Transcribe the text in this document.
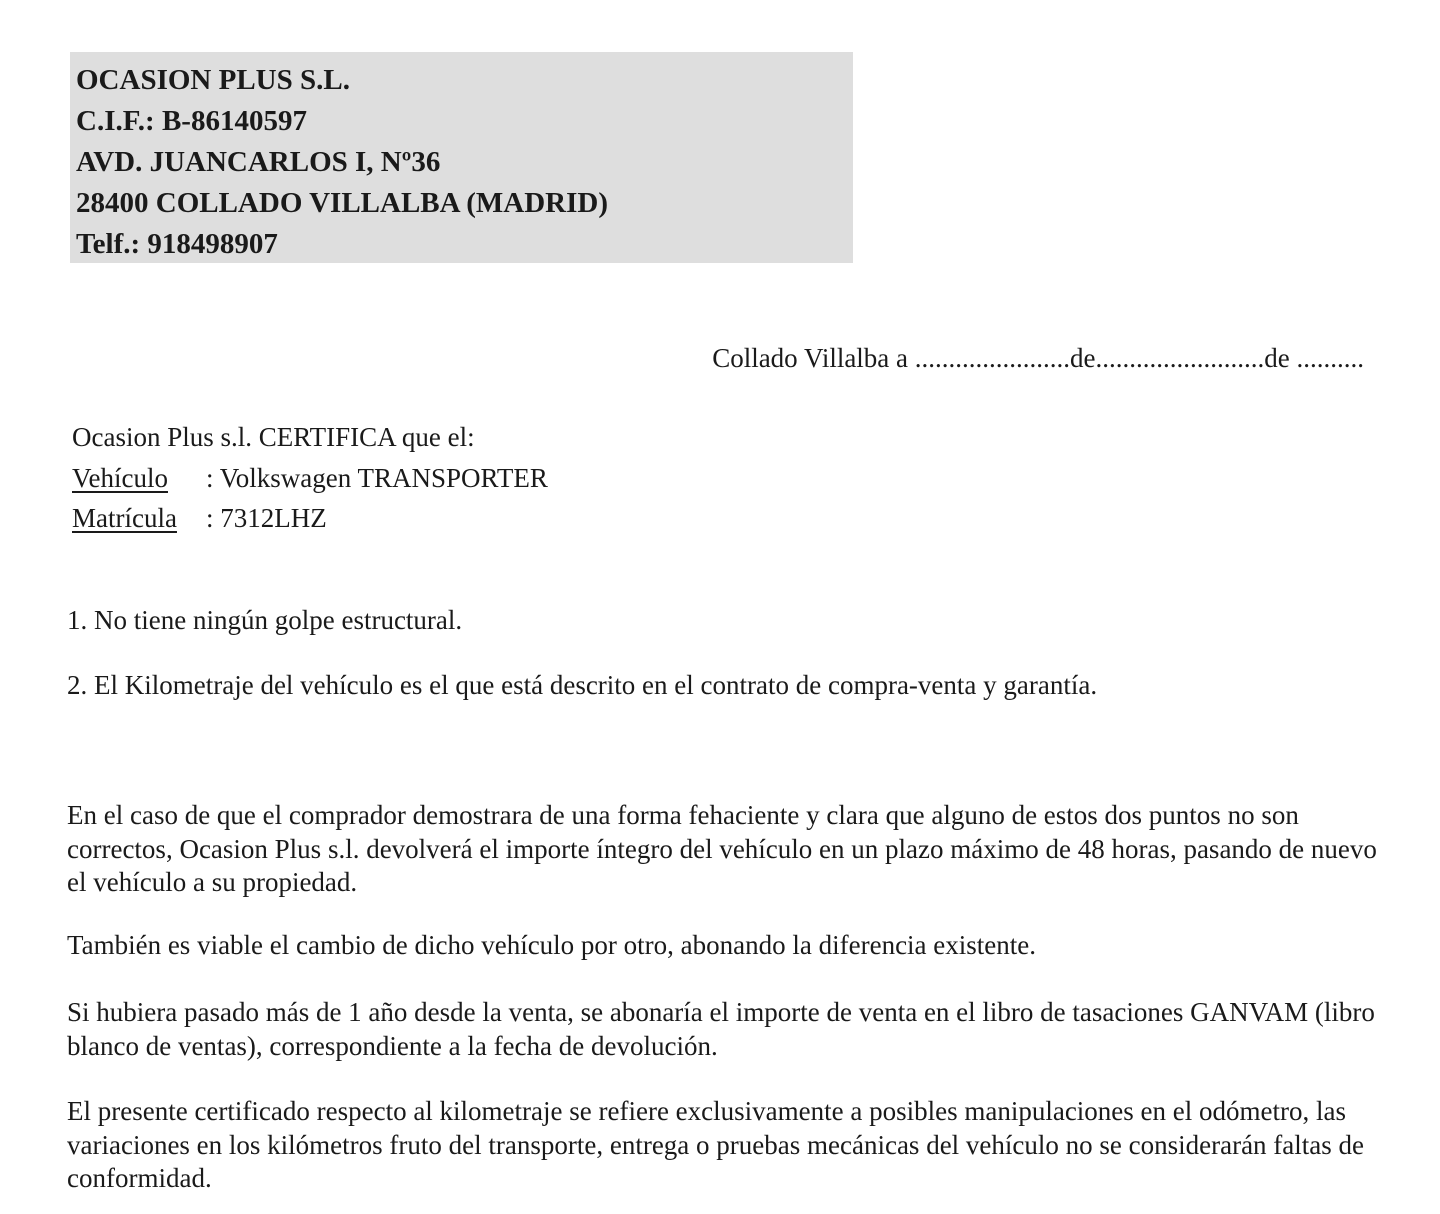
OCASION PLUS S.L.
C.I.F.: B-86140597
AVD. JUANCARLOS I, Nº36
28400 COLLADO VILLALBA (MADRID)
Telf.: 918498907
Collado Villalba a .......................de.........................de ..........
Ocasion Plus s.l. CERTIFICA que el:
Vehículo : Volkswagen TRANSPORTER
Matrícula : 7312LHZ
1. No tiene ningún golpe estructural.
2. El Kilometraje del vehículo es el que está descrito en el contrato de compra-venta y garantía.
En el caso de que el comprador demostrara de una forma fehaciente y clara que alguno de estos dos puntos no son correctos, Ocasion Plus s.l. devolverá el importe íntegro del vehículo en un plazo máximo de 48 horas, pasando de nuevo el vehículo a su propiedad.
También es viable el cambio de dicho vehículo por otro, abonando la diferencia existente.
Si hubiera pasado más de 1 año desde la venta, se abonaría el importe de venta en el libro de tasaciones GANVAM (libro blanco de ventas), correspondiente a la fecha de devolución.
El presente certificado respecto al kilometraje se refiere exclusivamente a posibles manipulaciones en el odómetro, las variaciones en los kilómetros fruto del transporte, entrega o pruebas mecánicas del vehículo no se considerarán faltas de conformidad.
